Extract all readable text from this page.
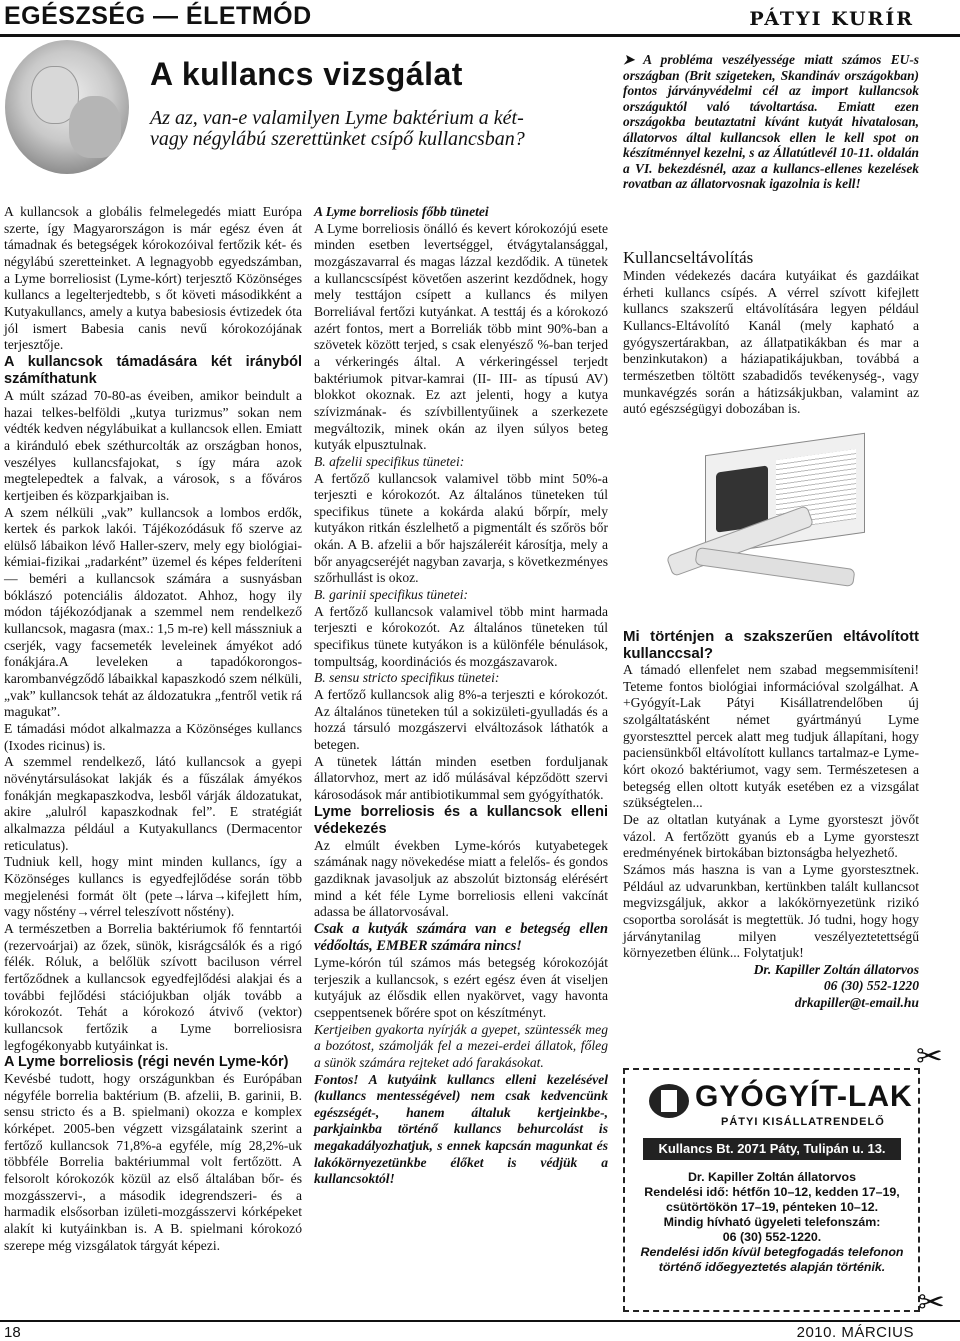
EGÉSZSÉG — ÉLETMÓD	PÁTYI KURÍR
A kullancs vizsgálat
Az az, van-e valamilyen Lyme baktérium a két- vagy négylábú szerettünket csípő kullancsban?

A kullancsok a globális felmelegedés miatt Európa szerte, így Magyarországon is már egész éven át támadnak és betegségek kórokozóival fertőzik két- és négylábú szeretteinket. A legnagyobb egyedszámban, a Lyme borreliosist (Lyme-kórt) terjesztő Közönséges kullancs a legelterjedtebb, s őt követi másodikként a Kutyakullancs, amely a kutya babesiosis évtizedek óta jól ismert Babesia canis nevű kórokozójának terjesztője.

A kullancsok támadására két irányból számíthatunk

A múlt század 70-80-as éveiben, amikor beindult a hazai telkes-belföldi „kutya turizmus” sokan nem védték kedven négylábuikat a kullancsok ellen. Emiatt a kiránduló ebek széthurcolták az országban honos, veszélyes kullancsfajokat, s így mára azok megtelepedtek a falvak, a városok, s a főváros kertjeiben és közparkjaiban is.

A szem nélküli „vak” kullancsok a lombos erdők, kertek és parkok lakói. Tájékozódásuk fő szerve az elülső lábaikon lévő Haller-szerv, mely egy biológiai-kémiai-fizikai „radarként” üzemel és képes felderíteni — beméri a kullancsok számára a susnyásban bóklászó potenciális áldozatot. Ahhoz, hogy ily módon tájékozódjanak a szemmel nem rendelkező kullancsok, magasra (max.: 1,5 m-re) kell másszniuk a cserjék, vagy facsemeték leveleinek ámyékot adó fonákjára.A leveleken a tapadókorongos-karombanvégződő lábaikkal kapaszkodó szem nélküli, „vak” kullancsok tehát az áldozatukra „fentről vetik rá magukat”.

E támadási módot alkalmazza a Közönséges kullancs (Ixodes ricinus) is.

A szemmel rendelkező, látó kullancsok a gyepi növénytársulásokat lakják és a fűszálak ámyékos fonákján megkapaszkodva, lesből várják áldozatukat, akire „alulról kapaszkodnak fel”. E stratégiát alkalmazza például a Kutyakullancs (Dermacentor reticulatus).

Tudniuk kell, hogy mint minden kullancs, így a Közönséges kullancs is egyedfejlődése során több megjelenési formát ölt (pete→lárva→kifejlett hím, vagy nőstény→vérrel teleszívott nőstény).

A természetben a Borrelia baktériumok fő fenntartói (rezervoárjai) az őzek, sünök, kisrágcsálók és a rigó félék. Róluk, a belőlük szívott baciluson vérrel fertőződnek a kullancsok egyedfejlődési alakjai és a további fejlődési stációjukban olják tovább a kórokozót. Tehát a kórokozó átvivő (vektor) kullancsok fertőzik a Lyme borreliosisra legfogékonyabb kutyáinkat is.

A Lyme borreliosis (régi nevén Lyme-kór)

Kevésbé tudott, hogy országunkban és Európában négyféle borrelia baktérium (B. afzelii, B. garinii, B. sensu stricto és a B. spielmani) okozza e komplex kórképet. 2005-ben végzett vizsgálataink szerint a fertőző kullancsok 71,8%-a egyféle, míg 28,2%-uk többféle Borrelia baktériummal volt fertőzött. A felsorolt kórokozók közül az első általában bőr- és mozgásszervi-, a második idegrendszeri- és a harmadik elsősorban izületi-mozgásszervi kórképeket alakít ki kutyáinkban is. A B. spielmani kórokozó szerepe még vizsgálatok tárgyát képezi.

A Lyme borreliosis főbb tünetei

A Lyme borreliosis önálló és kevert kórokozójú esete minden esetben levertséggel, étvágytalansággal, mozgászavarral és magas lázzal kezdődik. A tünetek a kullancscsípést követően aszerint kezdődnek, hogy mely testtájon csípett a kullancs és milyen Borreliával fertőzi kutyánkat. A testtáj és a kórokozó azért fontos, mert a Borreliák több mint 90%-ban a szövetek között terjed, s csak elenyésző %-ban terjed a vérkeringés által. A vérkeringéssel terjedt baktériumok pitvar-kamrai (II- III- as típusú AV) blokkot okoznak. Ez azt jelenti, hogy a kutya szívizmának- és szívbillentyűinek a szerkezete megváltozik, minek okán az ilyen súlyos beteg kutyák elpusztulnak.

B. afzelii specifikus tünetei:

A fertőző kullancsok valamivel több mint 50%-a terjeszti e kórokozót. Az általános tüneteken túl specifikus tünete a kokárda alakú bőrpír, mely kutyákon ritkán észlelhető a pigmentált és szőrös bőr okán. A B. afzelii a bőr hajszáleréit károsítja, mely a bőr anyagcseréjét nagyban zavarja, s következményes szőrhullást is okoz.

B. garinii specifikus tünetei:

A fertőző kullancsok valamivel több mint harmada terjeszti e kórokozót. Az általános tüneteken túl specifikus tünete kutyákon is a különféle bénulások, tompultság, koordinációs és mozgászavarok.

B. sensu stricto specifikus tünetei:

A fertőző kullancsok alig 8%-a terjeszti e kórokozót. Az általános tüneteken túl a sokizületi-gyulladás és a hozzá társuló mozgászervi elváltozások láthatók a betegen.

A tünetek láttán minden esetben forduljanak állatorvhoz, mert az idő múlásával képződött szervi károsodások már antibiotikummal sem gyógyíthatók.

Lyme borreliosis és a kullancsok elleni védekezés

Az elmúlt években Lyme-kórós kutyabetegek számának nagy növekedése miatt a felelős- és gondos gazdiknak javasoljuk az abszolút biztonság elérésért mind a két féle Lyme borreliosis elleni vakcínát adassa be állatorvosával.

Csak a kutyák számára van e betegség ellen védőoltás, EMBER számára nincs!

Lyme-kórón túl számos más betegség kórokozóját terjeszik a kullancsok, s ezért egész éven át viseljen kutyájuk az élősdik ellen nyakörvet, vagy havonta cseppentsenek bőrére spot on készítményt.

Kertjeiben gyakorta nyírják a gyepet, szüntessék meg a bozótost, számolják fel a mezei-erdei állatok, főleg a sünök számára rejteket adó farakásokat.

Fontos! A kutyáink kullancs elleni kezelésével (kullancs mentességével) nem csak kedvencünk egészségét-, hanem általuk kertjeinkbe-, parkjainkba történő kullancs behurcolást is megakadályozhatjuk, s ennek kapcsán magunkat és lakókörnyezetünkbe élőket is védjük a kullancsoktól!

➤ A probléma veszélyessége miatt számos EU-s országban (Brit szigeteken, Skandináv országokban) fontos járványvédelmi cél az import kullancsok országuktól való távoltartása. Emiatt ezen országokba beutaztatni kívánt kutyát hivatalosan, állatorvos által kullancsok ellen le kell spot on készítménnyel kezelni, s az Állatútlevél 10-11. oldalán a VI. bekezdésnél, azaz a kullancs-ellenes kezelések rovatban az állatorvosnak igazolnia is kell!

Kullancseltávolítás

Minden védekezés dacára kutyáikat és gazdáikat érheti kullancs csípés. A vérrel szívott kifejlett kullancs szakszerű eltávolítására legyen például Kullancs-Eltávolító Kanál (mely kapható a gyógyszertárakban, az állatpatikákban és mar a benzinkutakon) a háziapatikájukban, továbbá a természetben töltött szabadidős tevékenység-, vagy munkavégzés során a hátizsákjukban, valamint az autó egészségügyi dobozában is.

Mi történjen a szakszerűen eltávolított kullanccsal?

A támadó ellenfelet nem szabad megsemmisíteni! Teteme fontos biológiai információval szolgálhat. A +Gyógyít-Lak Pátyi Kisállatrendelőben új szolgáltatásként német gyártmányú Lyme gyorsteszttel percek alatt meg tudjuk állapítani, hogy paciensünkből eltávolított kullancs tartalmaz-e Lyme-kórt okozó baktériumot, vagy sem. Természetesen a betegség ellen oltott kutyák esetében ez a vizsgálat szükségtelen...

De az oltatlan kutyának a Lyme gyorsteszt jövőt vázol. A fertőzött gyanús eb a Lyme gyorsteszt eredményének birtokában biztonságba helyezhető.

Számos más haszna is van a Lyme gyorstesztnek. Például az udvarunkban, kertünkben talált kullancsot megvizsgáljuk, akkor a lakókörnyezetünk rizikó csoportba sorolását is megtettük. Jó tudni, hogy hogy járványtanilag milyen veszélyeztetettségű környezetben élünk... Folytatjuk!

Dr. Kapiller Zoltán állatorvos

06 (30) 552-1220

drkapiller@t-email.hu

✂
GYÓGYÍT-LAK
PÁTYI KISÁLLATRENDELŐ
Kullancs Bt. 2071 Páty, Tulipán u. 13.
Dr. Kapiller Zoltán állatorvos
Rendelési idő: hétfőn 10–12, kedden 17–19,
csütörtökön 17–19, pénteken 10–12.
Mindig hívható ügyeleti telefonszám:
06 (30) 552-1220.
Rendelési időn kívül betegfogadás telefonon történő időegyeztetés alapján történik.
✂
18	2010. MÁRCIUS
